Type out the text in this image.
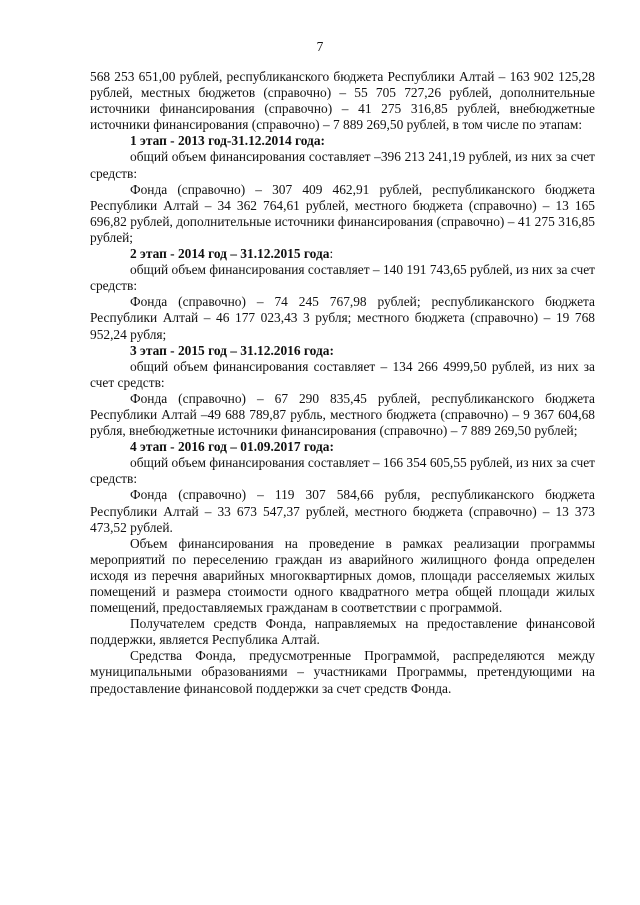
7

568 253 651,00 рублей, республиканского бюджета Республики Алтай – 163 902 125,28 рублей, местных бюджетов (справочно) – 55 705 727,26 рублей, дополнительные источники финансирования (справочно) – 41 275 316,85 рублей, внебюджетные источники финансирования (справочно) – 7 889 269,50 рублей, в том числе по этапам:

1 этап - 2013 год-31.12.2014 года:

общий объем финансирования составляет –396 213 241,19 рублей, из них за счет средств:

Фонда (справочно) – 307 409 462,91 рублей, республиканского бюджета Республики Алтай – 34 362 764,61 рублей, местного бюджета (справочно) – 13 165 696,82 рублей, дополнительные источники финансирования (справочно) – 41 275 316,85 рублей;

2 этап - 2014 год – 31.12.2015 года:

общий объем финансирования составляет – 140 191 743,65 рублей, из них за счет средств:

Фонда (справочно) – 74 245 767,98 рублей; республиканского бюджета Республики Алтай – 46 177 023,43 3 рубля; местного бюджета (справочно) – 19 768 952,24 рубля;

3 этап - 2015 год – 31.12.2016 года:

общий объем финансирования составляет – 134 266 4999,50 рублей, из них за счет средств:

Фонда (справочно) – 67 290 835,45 рублей, республиканского бюджета Республики Алтай –49 688 789,87 рубль, местного бюджета (справочно) – 9 367 604,68 рубля, внебюджетные источники финансирования (справочно) – 7 889 269,50 рублей;

4 этап - 2016 год – 01.09.2017 года:

общий объем финансирования составляет – 166 354 605,55 рублей, из них за счет средств:

Фонда (справочно) – 119 307 584,66 рубля, республиканского бюджета Республики Алтай – 33 673 547,37 рублей, местного бюджета (справочно) – 13 373 473,52 рублей.

Объем финансирования на проведение в рамках реализации программы мероприятий по переселению граждан из аварийного жилищного фонда определен исходя из перечня аварийных многоквартирных домов, площади расселяемых жилых помещений и размера стоимости одного квадратного метра общей площади жилых помещений, предоставляемых гражданам в соответствии с программой.

Получателем средств Фонда, направляемых на предоставление финансовой поддержки, является Республика Алтай.

Средства Фонда, предусмотренные Программой, распределяются между муниципальными образованиями – участниками Программы, претендующими на предоставление финансовой поддержки за счет средств Фонда.
